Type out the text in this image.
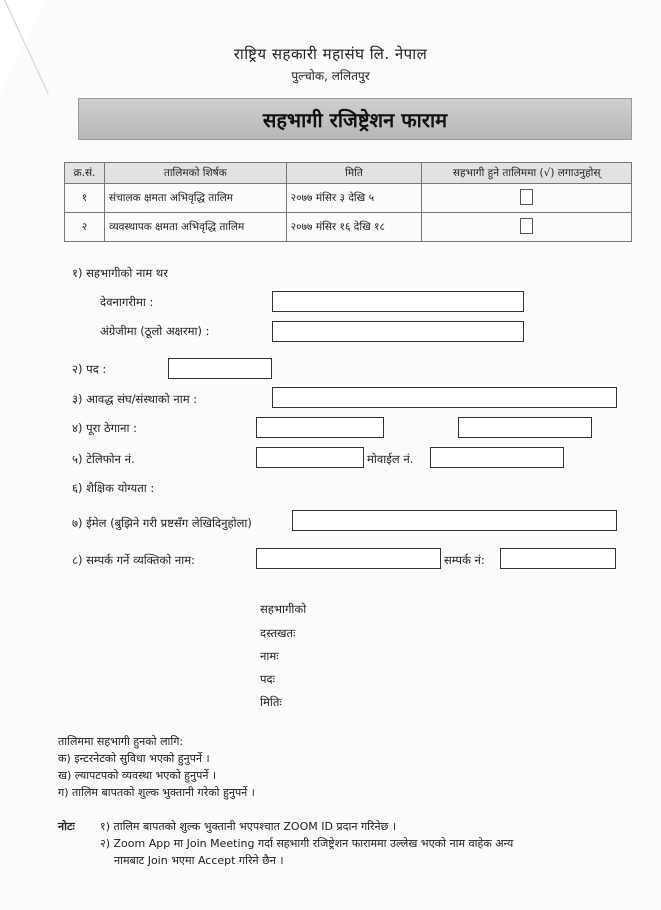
राष्ट्रिय सहकारी महासंघ लि. नेपाल
पुल्चोक, ललितपुर
सहभागी रजिष्ट्रेशन फाराम
क्र.सं.	तालिमको शिर्षक	मिति	सहभागी हुने तालिममा (√) लगाउनुहोस्
१	संचालक क्षमता अभिवृद्धि तालिम	२०७७ मंसिर ३ देखि ५	
२	व्यवस्थापक क्षमता अभिवृद्धि तालिम	२०७७ मंसिर १६ देखि १८	
१) सहभागीको नाम थर
देवनागरीमा :
अंग्रेजीमा (ठूलो अक्षरमा) :
२) पद :
३) आवद्ध संघ/संस्थाको नाम :
४) पूरा ठेगाना :
५) टेलिफोन नं.	मोवाईल नं.
६) शैक्षिक योग्यता :
७) ईमेल (बुझिने गरी प्रष्टसँग लेखिदिनुहोला)
८) सम्पर्क गर्ने व्यक्तिको नाम:	सम्पर्क नं:
सहभागीको
दस्तखतः
नामः
पदः
मितिः
तालिममा सहभागी हुनको लागि:
क) इन्टरनेटको सुविधा भएको हुनुपर्ने ।
ख) ल्यापटपको व्यवस्था भएको हुनुपर्ने ।
ग) तालिम बापतको शुल्क भुक्तानी गरेको हुनुपर्ने ।
नोटः १) तालिम बापतको शुल्क भुक्तानी भएपश्चात ZOOM ID प्रदान गरिनेछ ।
२) Zoom App मा Join Meeting गर्दा सहभागी रजिष्ट्रेशन फाराममा उल्लेख भएको नाम वाहेक अन्य
नामबाट Join भएमा Accept गरिने छैन ।
